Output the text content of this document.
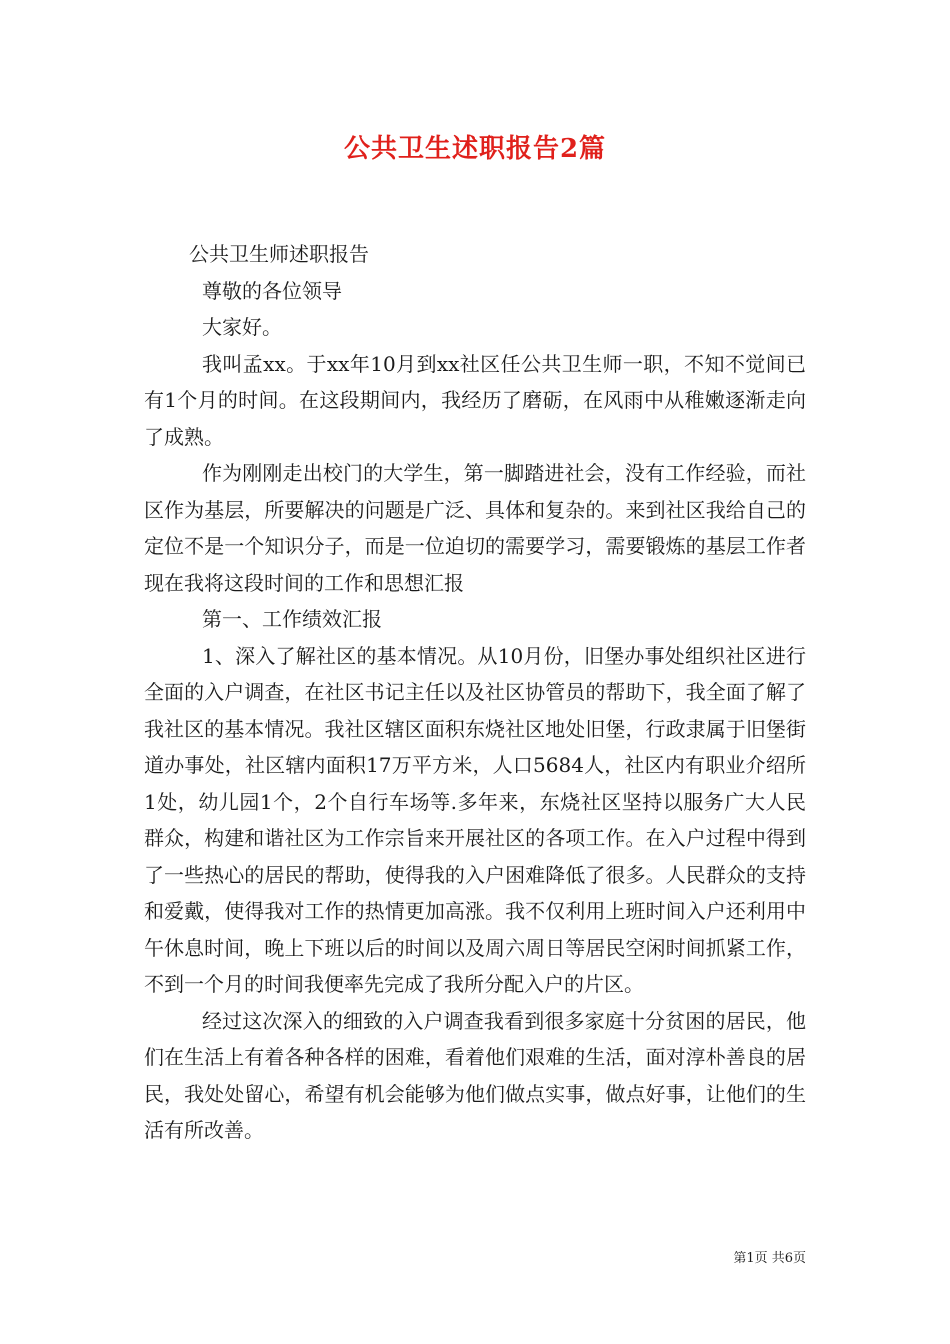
公共卫生述职报告2篇

公共卫生师述职报告

尊敬的各位领导

大家好。

我叫孟xx。于xx年10月到xx社区任公共卫生师一职，不知不觉间已有1个月的时间。在这段期间内，我经历了磨砺，在风雨中从稚嫩逐渐走向了成熟。

作为刚刚走出校门的大学生，第一脚踏进社会，没有工作经验，而社区作为基层，所要解决的问题是广泛、具体和复杂的。来到社区我给自己的定位不是一个知识分子，而是一位迫切的需要学习，需要锻炼的基层工作者现在我将这段时间的工作和思想汇报

第一、工作绩效汇报

1、深入了解社区的基本情况。从10月份，旧堡办事处组织社区进行全面的入户调查，在社区书记主任以及社区协管员的帮助下，我全面了解了我社区的基本情况。我社区辖区面积东烧社区地处旧堡，行政隶属于旧堡街道办事处，社区辖内面积17万平方米，人口5684人，社区内有职业介绍所1处，幼儿园1个，2个自行车场等.多年来，东烧社区坚持以服务广大人民群众，构建和谐社区为工作宗旨来开展社区的各项工作。在入户过程中得到了一些热心的居民的帮助，使得我的入户困难降低了很多。人民群众的支持和爱戴，使得我对工作的热情更加高涨。我不仅利用上班时间入户还利用中午休息时间，晚上下班以后的时间以及周六周日等居民空闲时间抓紧工作，不到一个月的时间我便率先完成了我所分配入户的片区。

经过这次深入的细致的入户调查我看到很多家庭十分贫困的居民，他们在生活上有着各种各样的困难，看着他们艰难的生活，面对淳朴善良的居民，我处处留心，希望有机会能够为他们做点实事，做点好事，让他们的生活有所改善。

第1页 共6页
